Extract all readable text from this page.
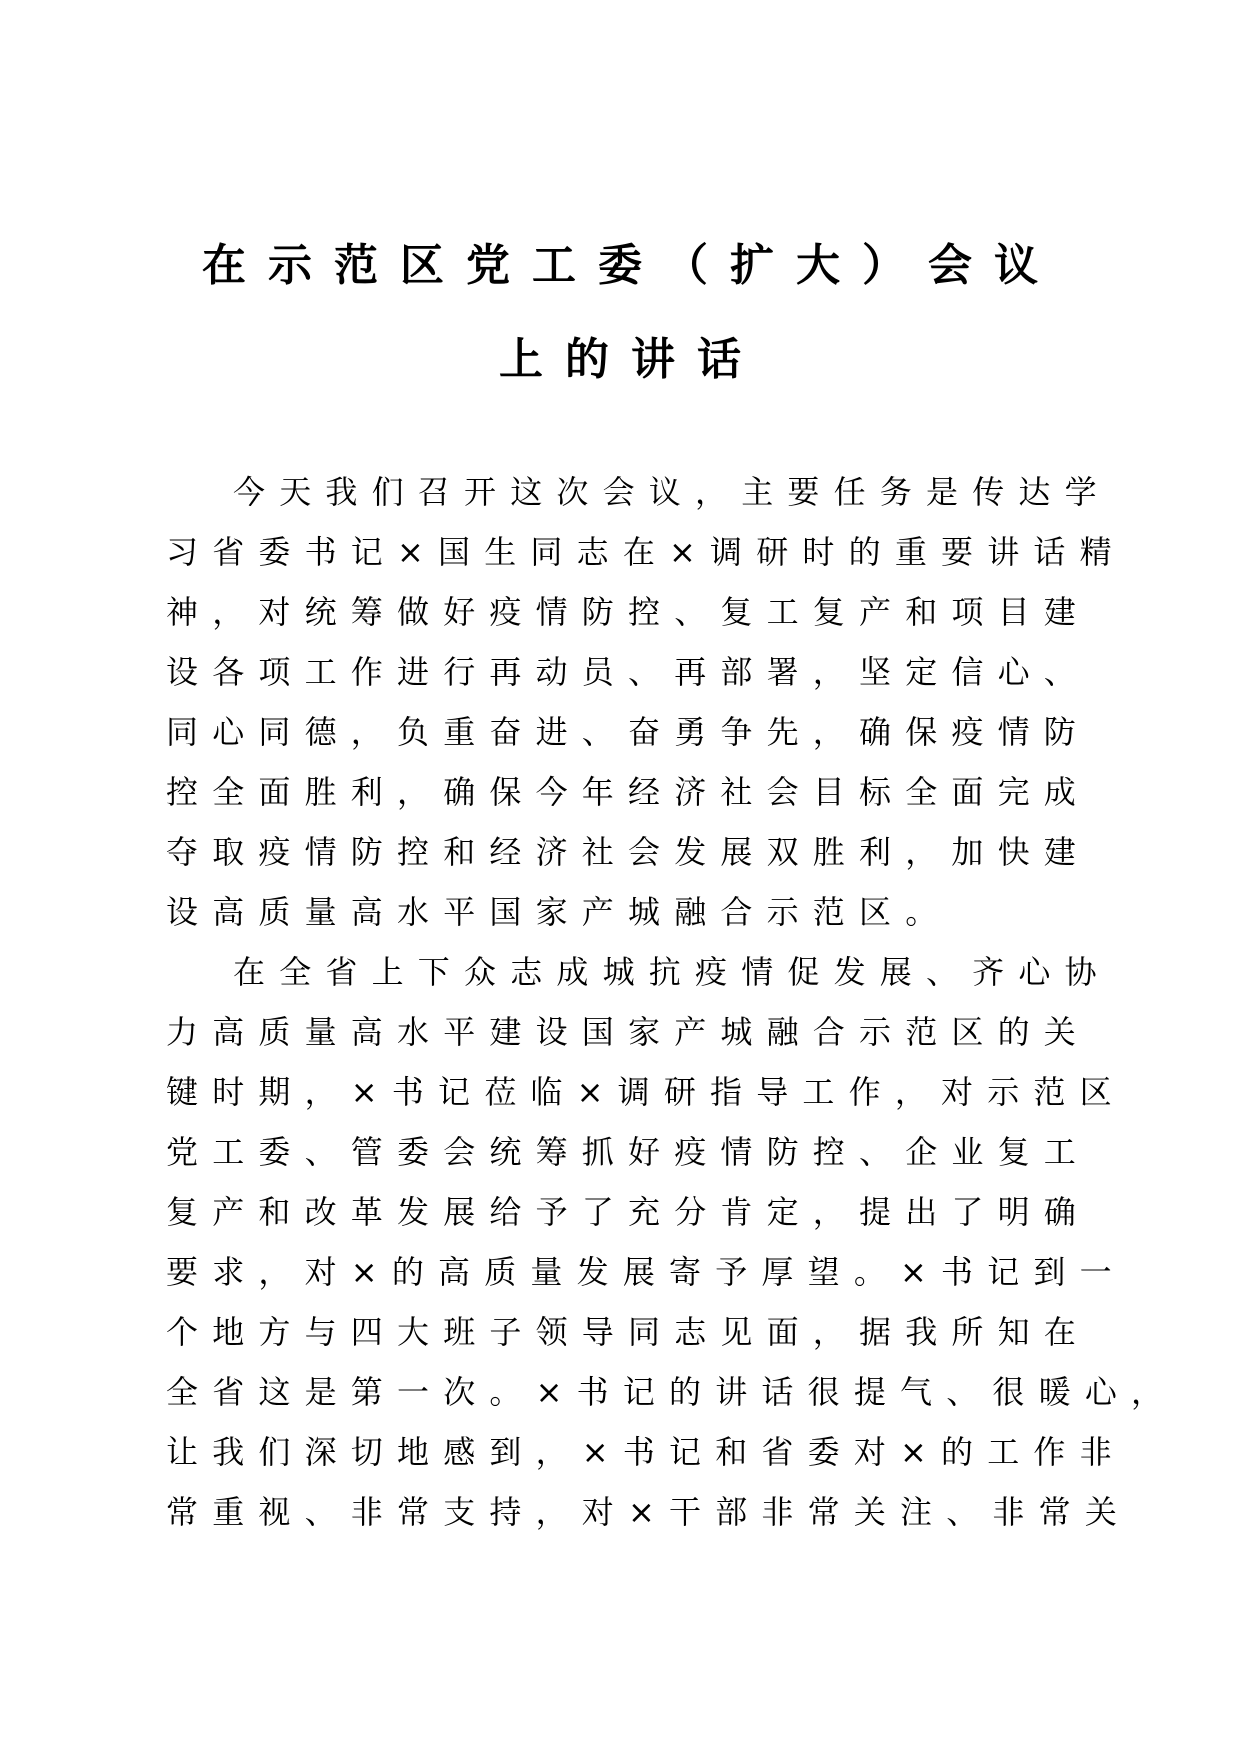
在示范区党工委（扩大）会议
上的讲话
今天我们召开这次会议，主要任务是传达学
习省委书记×国生同志在×调研时的重要讲话精
神，对统筹做好疫情防控、复工复产和项目建
设各项工作进行再动员、再部署，坚定信心、
同心同德，负重奋进、奋勇争先，确保疫情防
控全面胜利，确保今年经济社会目标全面完成
夺取疫情防控和经济社会发展双胜利，加快建
设高质量高水平国家产城融合示范区。
在全省上下众志成城抗疫情促发展、齐心协
力高质量高水平建设国家产城融合示范区的关
键时期，×书记莅临×调研指导工作，对示范区
党工委、管委会统筹抓好疫情防控、企业复工
复产和改革发展给予了充分肯定，提出了明确
要求，对×的高质量发展寄予厚望。×书记到一
个地方与四大班子领导同志见面，据我所知在
全省这是第一次。×书记的讲话很提气、很暖心，
让我们深切地感到，×书记和省委对×的工作非
常重视、非常支持，对×干部非常关注、非常关
